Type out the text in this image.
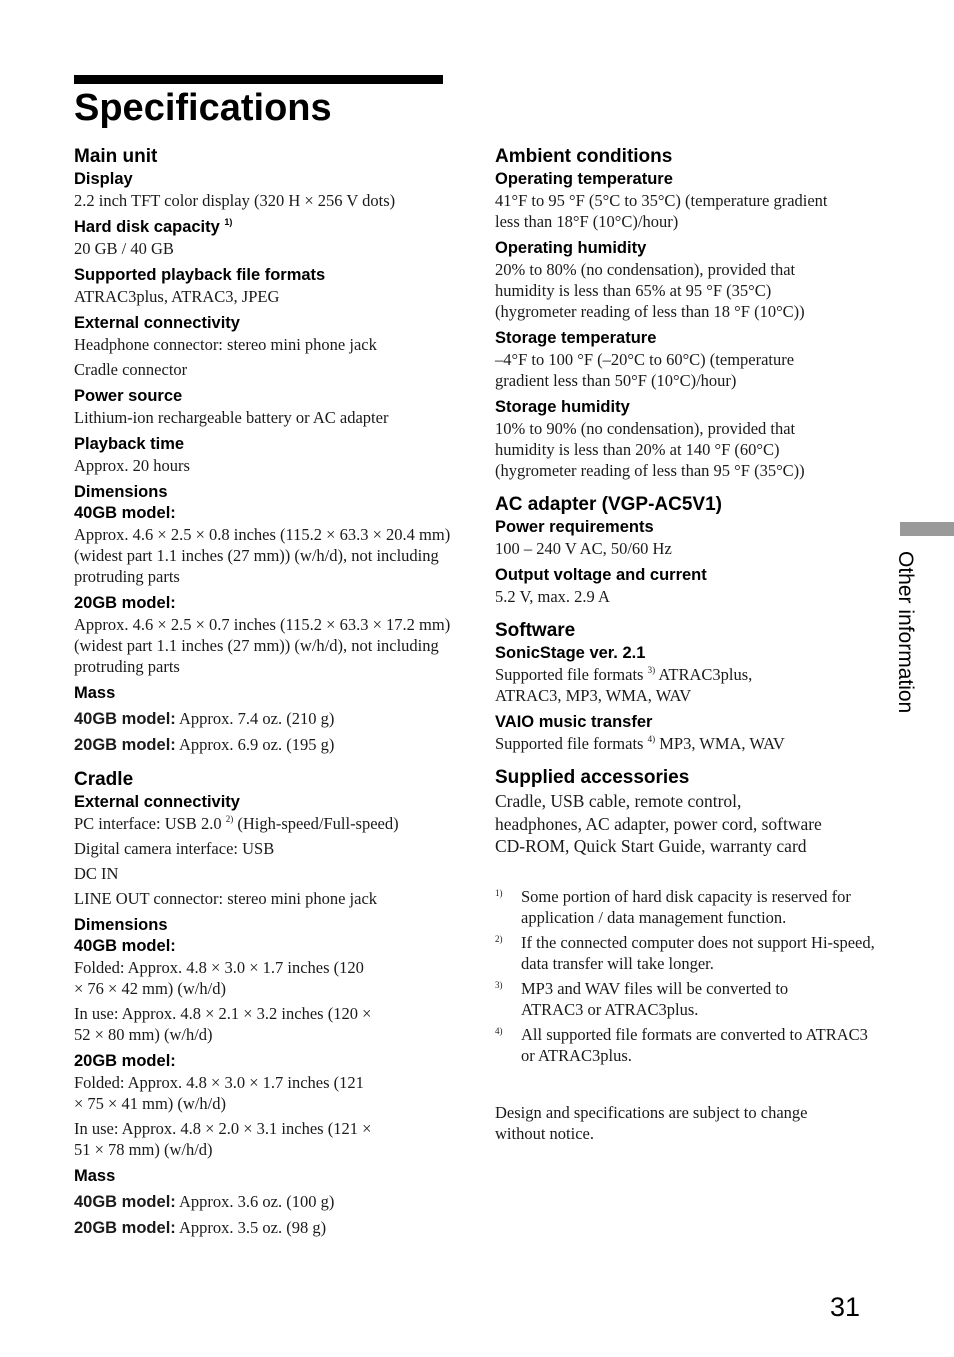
Specifications
Main unit
Display
2.2 inch TFT color display (320 H × 256 V dots)
Hard disk capacity $^{1)}$
20 GB / 40 GB
Supported playback file formats
ATRAC3plus, ATRAC3, JPEG
External connectivity
Headphone connector: stereo mini phone jack
Cradle connector
Power source
Lithium-ion rechargeable battery or AC adapter
Playback time
Approx. 20 hours
Dimensions
40GB model:
Approx. 4.6 × 2.5 × 0.8 inches (115.2 × 63.3 × 20.4 mm) (widest part 1.1 inches (27 mm)) (w/h/d), not including protruding parts
20GB model:
Approx. 4.6 × 2.5 × 0.7 inches (115.2 × 63.3 × 17.2 mm) (widest part 1.1 inches (27 mm)) (w/h/d), not including protruding parts
Mass
40GB model: Approx. 7.4 oz. (210 g)
20GB model: Approx. 6.9 oz. (195 g)
Cradle
External connectivity
PC interface: USB 2.0 $^{2)}$ (High-speed/Full-speed)
Digital camera interface: USB
DC IN
LINE OUT connector: stereo mini phone jack
Dimensions
40GB model:
Folded: Approx. 4.8 × 3.0 × 1.7 inches (120 × 76 × 42 mm) (w/h/d)
In use: Approx. 4.8 × 2.1 × 3.2 inches (120 × 52 × 80 mm) (w/h/d)
20GB model:
Folded: Approx. 4.8 × 3.0 × 1.7 inches (121 × 75 × 41 mm) (w/h/d)
In use: Approx. 4.8 × 2.0 × 3.1 inches (121 × 51 × 78 mm) (w/h/d)
Mass
40GB model: Approx. 3.6 oz. (100 g)
20GB model: Approx. 3.5 oz. (98 g)
Ambient conditions
Operating temperature
41°F to 95 °F (5°C to 35°C) (temperature gradient less than 18°F (10°C)/hour)
Operating humidity
20% to 80% (no condensation), provided that humidity is less than 65% at 95 °F (35°C) (hygrometer reading of less than 18 °F (10°C))
Storage temperature
–4°F to 100 °F (–20°C to 60°C) (temperature gradient less than 50°F (10°C)/hour)
Storage humidity
10% to 90% (no condensation), provided that humidity is less than 20% at 140 °F (60°C) (hygrometer reading of less than 95 °F (35°C))
AC adapter (VGP-AC5V1)
Power requirements
100 – 240 V AC, 50/60 Hz
Output voltage and current
5.2 V, max. 2.9 A
Software
SonicStage ver. 2.1
Supported file formats $^{3)}$ ATRAC3plus, ATRAC3, MP3, WMA, WAV
VAIO music transfer
Supported file formats $^{4)}$ MP3, WMA, WAV
Supplied accessories
Cradle, USB cable, remote control, headphones, AC adapter, power cord, software CD-ROM, Quick Start Guide, warranty card
1)	Some portion of hard disk capacity is reserved for application / data management function.
2)	If the connected computer does not support Hi-speed, data transfer will take longer.
3)	MP3 and WAV files will be converted to ATRAC3 or ATRAC3plus.
4)	All supported file formats are converted to ATRAC3 or ATRAC3plus.
Design and specifications are subject to change without notice.
Other information
31
